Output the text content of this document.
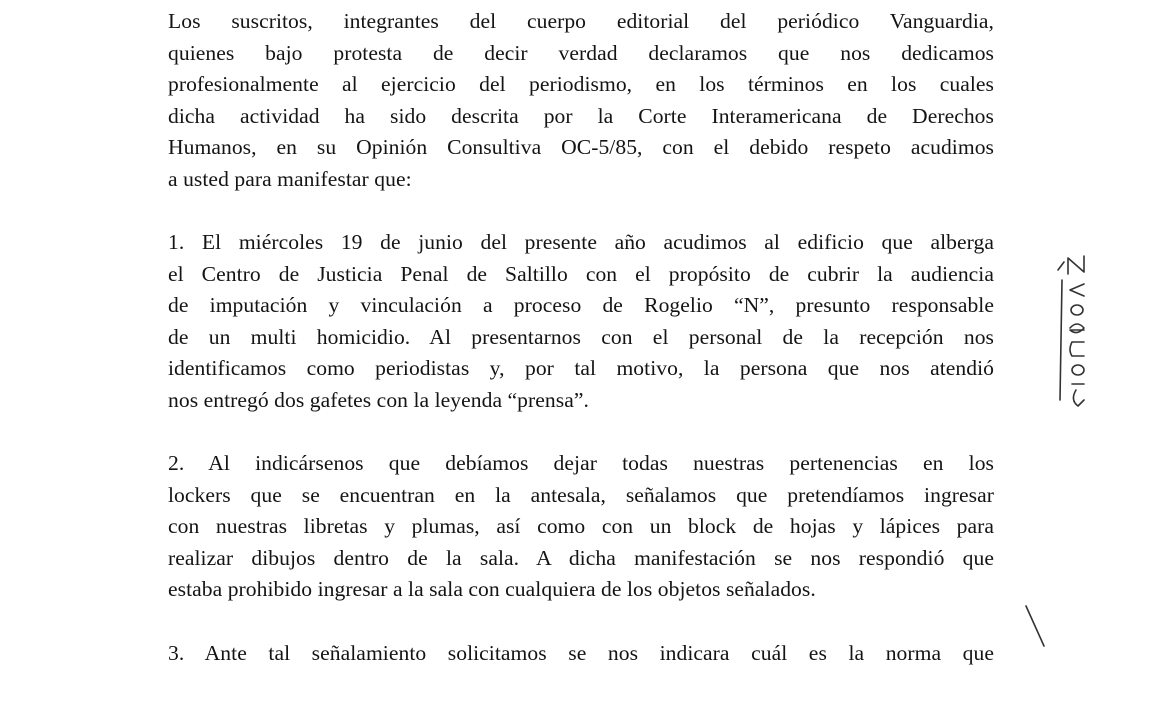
Los suscritos, integrantes del cuerpo editorial del periódico Vanguardia,
quienes bajo protesta de decir verdad declaramos que nos dedicamos
profesionalmente al ejercicio del periodismo, en los términos en los cuales
dicha actividad ha sido descrita por la Corte Interamericana de Derechos
Humanos, en su Opinión Consultiva OC-5/85, con el debido respeto acudimos
a usted para manifestar que:
1. El miércoles 19 de junio del presente año acudimos al edificio que alberga
el Centro de Justicia Penal de Saltillo con el propósito de cubrir la audiencia
de imputación y vinculación a proceso de Rogelio “N”, presunto responsable
de un multi homicidio. Al presentarnos con el personal de la recepción nos
identificamos como periodistas y, por tal motivo, la persona que nos atendió
nos entregó dos gafetes con la leyenda “prensa”.
2. Al indicársenos que debíamos dejar todas nuestras pertenencias en los
lockers que se encuentran en la antesala, señalamos que pretendíamos ingresar
con nuestras libretas y plumas, así como con un block de hojas y lápices para
realizar dibujos dentro de la sala. A dicha manifestación se nos respondió que
estaba prohibido ingresar a la sala con cualquiera de los objetos señalados.
3. Ante tal señalamiento solicitamos se nos indicara cuál es la norma que
